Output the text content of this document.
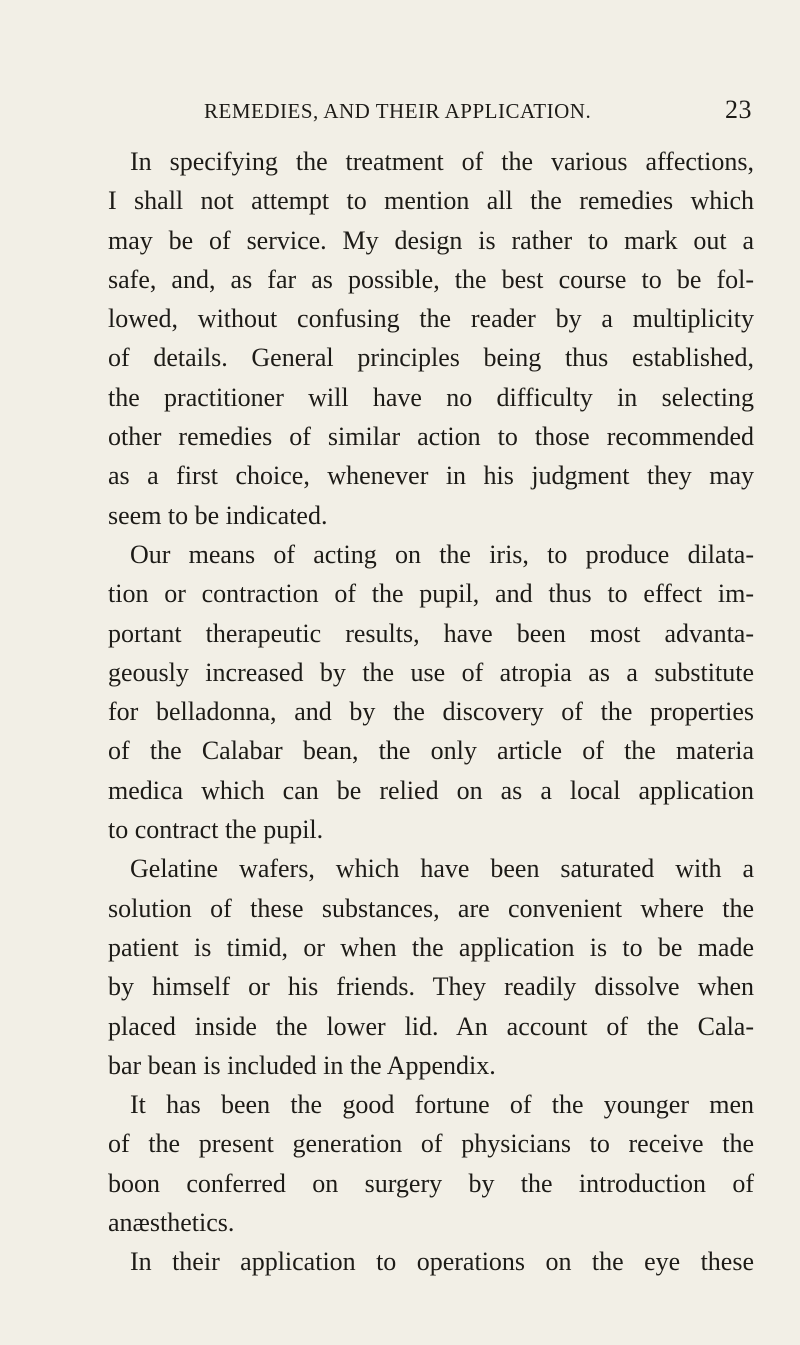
REMEDIES, AND THEIR APPLICATION.	23
In specifying the treatment of the various affections,
I shall not attempt to mention all the remedies which
may be of service. My design is rather to mark out a
safe, and, as far as possible, the best course to be fol-
lowed, without confusing the reader by a multiplicity
of details. General principles being thus established,
the practitioner will have no difficulty in selecting
other remedies of similar action to those recommended
as a first choice, whenever in his judgment they may
seem to be indicated.
Our means of acting on the iris, to produce dilata-
tion or contraction of the pupil, and thus to effect im-
portant therapeutic results, have been most advanta-
geously increased by the use of atropia as a substitute
for belladonna, and by the discovery of the properties
of the Calabar bean, the only article of the materia
medica which can be relied on as a local application
to contract the pupil.
Gelatine wafers, which have been saturated with a
solution of these substances, are convenient where the
patient is timid, or when the application is to be made
by himself or his friends. They readily dissolve when
placed inside the lower lid. An account of the Cala-
bar bean is included in the Appendix.
It has been the good fortune of the younger men
of the present generation of physicians to receive the
boon conferred on surgery by the introduction of
anæsthetics.
In their application to operations on the eye these
